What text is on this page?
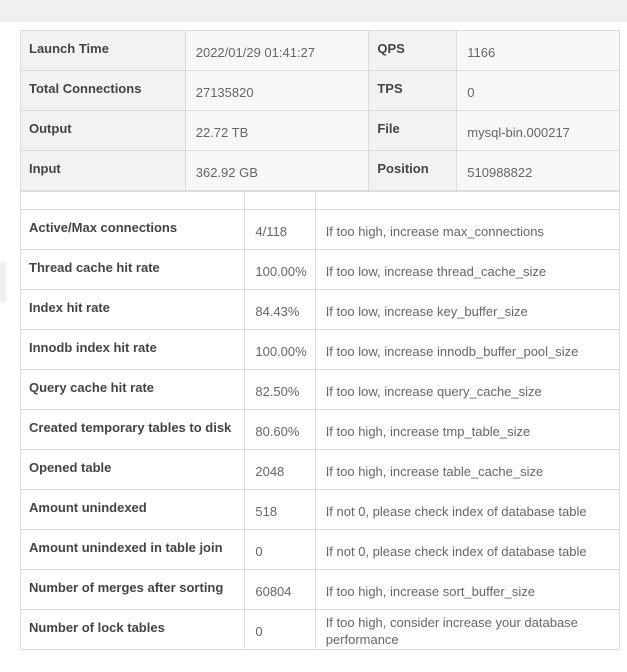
Launch Time	2022/01/29 01:41:27	QPS	1166
Total Connections	27135820	TPS	0
Output	22.72 TB	File	mysql-bin.000217
Input	362.92 GB	Position	510988822

Active/Max connections	4/118	If too high, increase max_connections
Thread cache hit rate	100.00%	If too low, increase thread_cache_size
Index hit rate	84.43%	If too low, increase key_buffer_size
Innodb index hit rate	100.00%	If too low, increase innodb_buffer_pool_size
Query cache hit rate	82.50%	If too low, increase query_cache_size
Created temporary tables to disk	80.60%	If too high, increase tmp_table_size
Opened table	2048	If too high, increase table_cache_size
Amount unindexed	518	If not 0, please check index of database table
Amount unindexed in table join	0	If not 0, please check index of database table
Number of merges after sorting	60804	If too high, increase sort_buffer_size
Number of lock tables	0	If too high, consider increase your database performance
